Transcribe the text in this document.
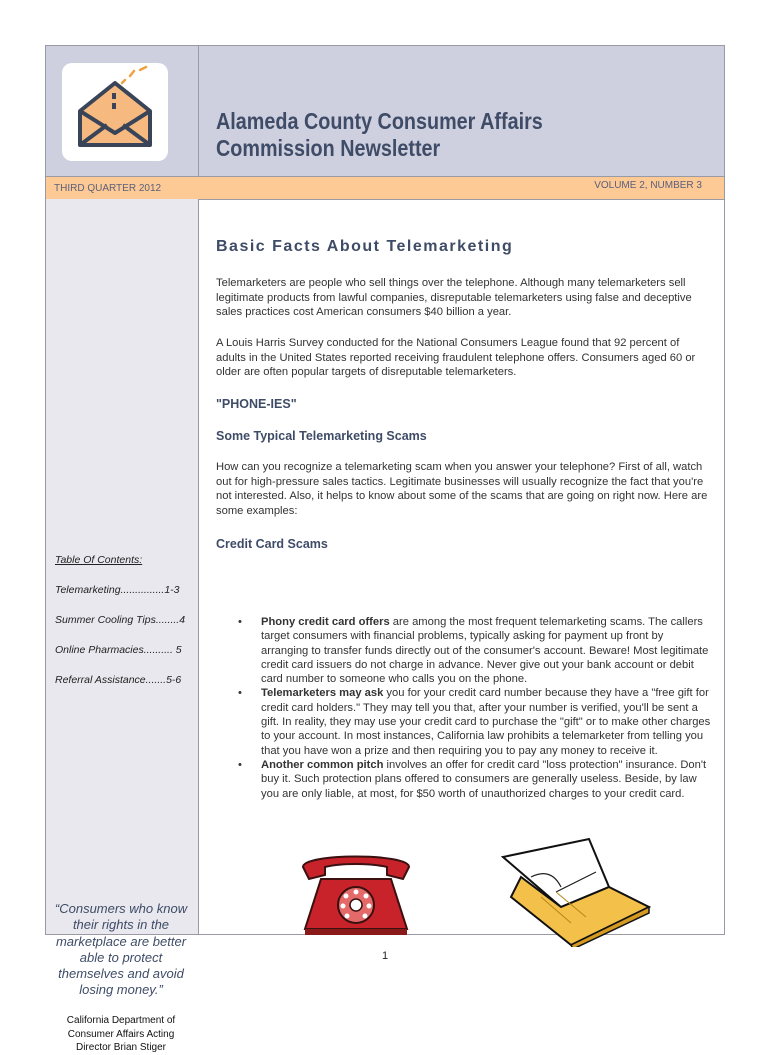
Alameda County Consumer Affairs Commission Newsletter
THIRD QUARTER 2012	VOLUME 2, NUMBER 3
Table Of Contents:
Telemarketing...............1-3
Summer Cooling Tips........4
Online Pharmacies.......... 5
Referral Assistance.......5-6
“Consumers who know their rights in the marketplace are better able to protect themselves and avoid losing money.”
California Department of Consumer Affairs Acting Director Brian Stiger
Basic Facts About Telemarketing

Telemarketers are people who sell things over the telephone. Although many telemarketers sell legitimate products from lawful companies, disreputable telemarketers using false and deceptive sales practices cost American consumers $40 billion a year.

A Louis Harris Survey conducted for the National Consumers League found that 92 percent of adults in the United States reported receiving fraudulent telephone offers. Consumers aged 60 or older are often popular targets of disreputable telemarketers.

"PHONE-IES"
Some Typical Telemarketing Scams

How can you recognize a telemarketing scam when you answer your telephone? First of all, watch out for high-pressure sales tactics. Legitimate businesses will usually recognize the fact that you're not interested. Also, it helps to know about some of the scams that are going on right now. Here are some examples:

Credit Card Scams
• Phony credit card offers are among the most frequent telemarketing scams. The callers target consumers with financial problems, typically asking for payment up front by arranging to transfer funds directly out of the consumer's account. Beware! Most legitimate credit card issuers do not charge in advance. Never give out your bank account or debit card number to someone who calls you on the phone.
• Telemarketers may ask you for your credit card number because they have a "free gift for credit card holders." They may tell you that, after your number is verified, you'll be sent a gift. In reality, they may use your credit card to purchase the "gift" or to make other charges to your account. In most instances, California law prohibits a telemarketer from telling you that you have won a prize and then requiring you to pay any money to receive it.
• Another common pitch involves an offer for credit card "loss protection" insurance. Don't buy it. Such protection plans offered to consumers are generally useless. Beside, by law you are only liable, at most, for $50 worth of unauthorized charges to your credit card.
1
